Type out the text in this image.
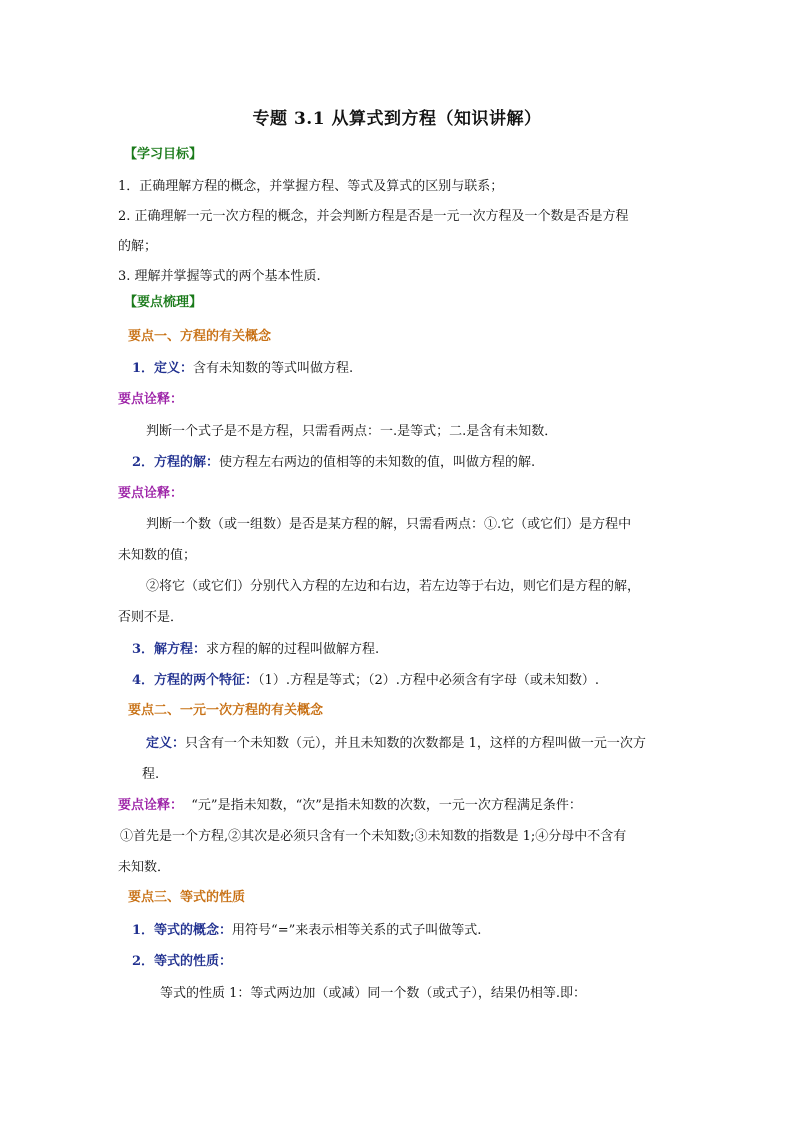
专题 3.1 从算式到方程（知识讲解）
【学习目标】
1．正确理解方程的概念，并掌握方程、等式及算式的区别与联系；
2. 正确理解一元一次方程的概念，并会判断方程是否是一元一次方程及一个数是否是方程
的解；
3. 理解并掌握等式的两个基本性质.
【要点梳理】
要点一、方程的有关概念
1．定义：含有未知数的等式叫做方程.
要点诠释：
判断一个式子是不是方程，只需看两点：一.是等式；二.是含有未知数．
2．方程的解：使方程左右两边的值相等的未知数的值，叫做方程的解.
要点诠释：
判断一个数（或一组数）是否是某方程的解，只需看两点：①.它（或它们）是方程中
未知数的值；
②将它（或它们）分别代入方程的左边和右边，若左边等于右边，则它们是方程的解，
否则不是．
3．解方程：求方程的解的过程叫做解方程.
4．方程的两个特征：（1）.方程是等式；（2）.方程中必须含有字母（或未知数）.
要点二、一元一次方程的有关概念
定义：只含有一个未知数（元），并且未知数的次数都是 1，这样的方程叫做一元一次方
程.
要点诠释： “元”是指未知数，“次”是指未知数的次数，一元一次方程满足条件：
①首先是一个方程,②其次是必须只含有一个未知数;③未知数的指数是 1;④分母中不含有
未知数．
要点三、等式的性质
1．等式的概念：用符号“=”来表示相等关系的式子叫做等式.
2．等式的性质：
等式的性质 1：等式两边加（或减）同一个数（或式子），结果仍相等.即：
